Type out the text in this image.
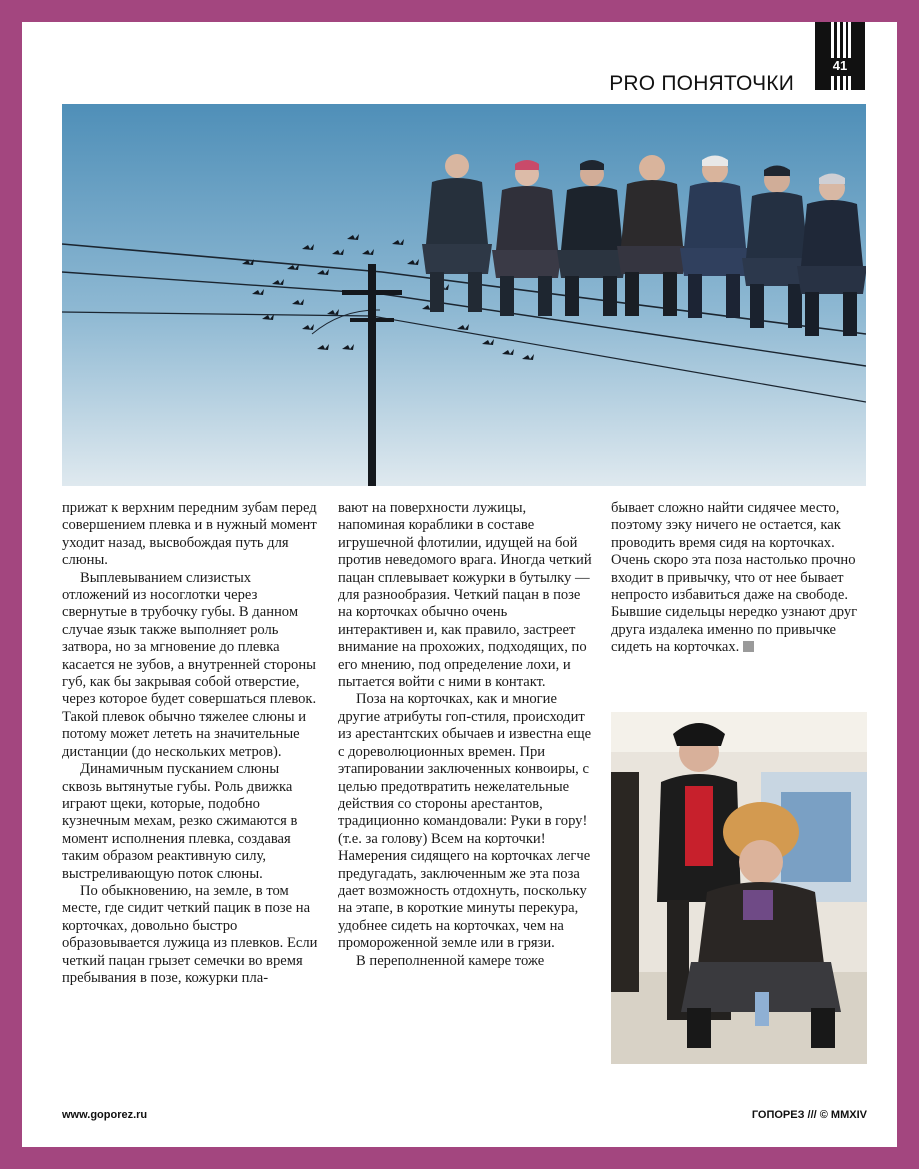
41
PRO ПОНЯТОЧКИ

прижат к верхним передним зубам перед совершением плевка и в нужный момент уходит назад, высвобождая путь для слюны.

Выплевыванием слизистых отложений из носоглотки через свернутые в трубочку губы. В данном случае язык также выполняет роль затвора, но за мгновение до плевка касается не зубов, а внутренней стороны губ, как бы закрывая собой отверстие, через которое будет совершаться плевок. Такой плевок обычно тяжелее слюны и потому может лететь на значительные дистанции (до нескольких метров).

Динамичным пусканием слюны сквозь вытянутые губы. Роль движка играют щеки, которые, подобно кузнечным мехам, резко сжимаются в момент исполнения плевка, создавая таким образом реактивную силу, выстреливающую поток слюны.

По обыкновению, на земле, в том месте, где сидит четкий пацик в позе на корточках, довольно быстро образовывается лужица из плевков. Если четкий пацан грызет семечки во время пребывания в позе, кожурки пла-

вают на поверхности лужицы, напоминая кораблики в составе игрушечной флотилии, идущей на бой против неведомого врага. Иногда четкий пацан сплевывает кожурки в бутылку — для разнообразия. Четкий пацан в позе на корточках обычно очень интерактивен и, как правило, застреет внимание на прохожих, подходящих, по его мнению, под определение лохи, и пытается войти с ними в контакт.

Поза на корточках, как и многие другие атрибуты гоп-стиля, происходит из арестантских обычаев и известна еще с дореволюционных времен. При этапировании заключенных конвоиры, с целью предотвратить нежелательные действия со стороны арестантов, традиционно командовали: Руки в гору! (т.е. за голову) Всем на корточки! Намерения сидящего на корточках легче предугадать, заключенным же эта поза дает возможность отдохнуть, поскольку на этапе, в короткие минуты перекура, удобнее сидеть на корточках, чем на промороженной земле или в грязи.

В переполненной камере тоже

бывает сложно найти сидячее место, поэтому зэку ничего не остается, как проводить время сидя на корточках. Очень скоро эта поза настолько прочно входит в привычку, что от нее бывает непросто избавиться даже на свободе. Бывшие сидельцы нередко узнают друг друга издалека именно по привычке сидеть на корточках.

www.goporez.ru	ГОПОРЕЗ /// © MMXIV
